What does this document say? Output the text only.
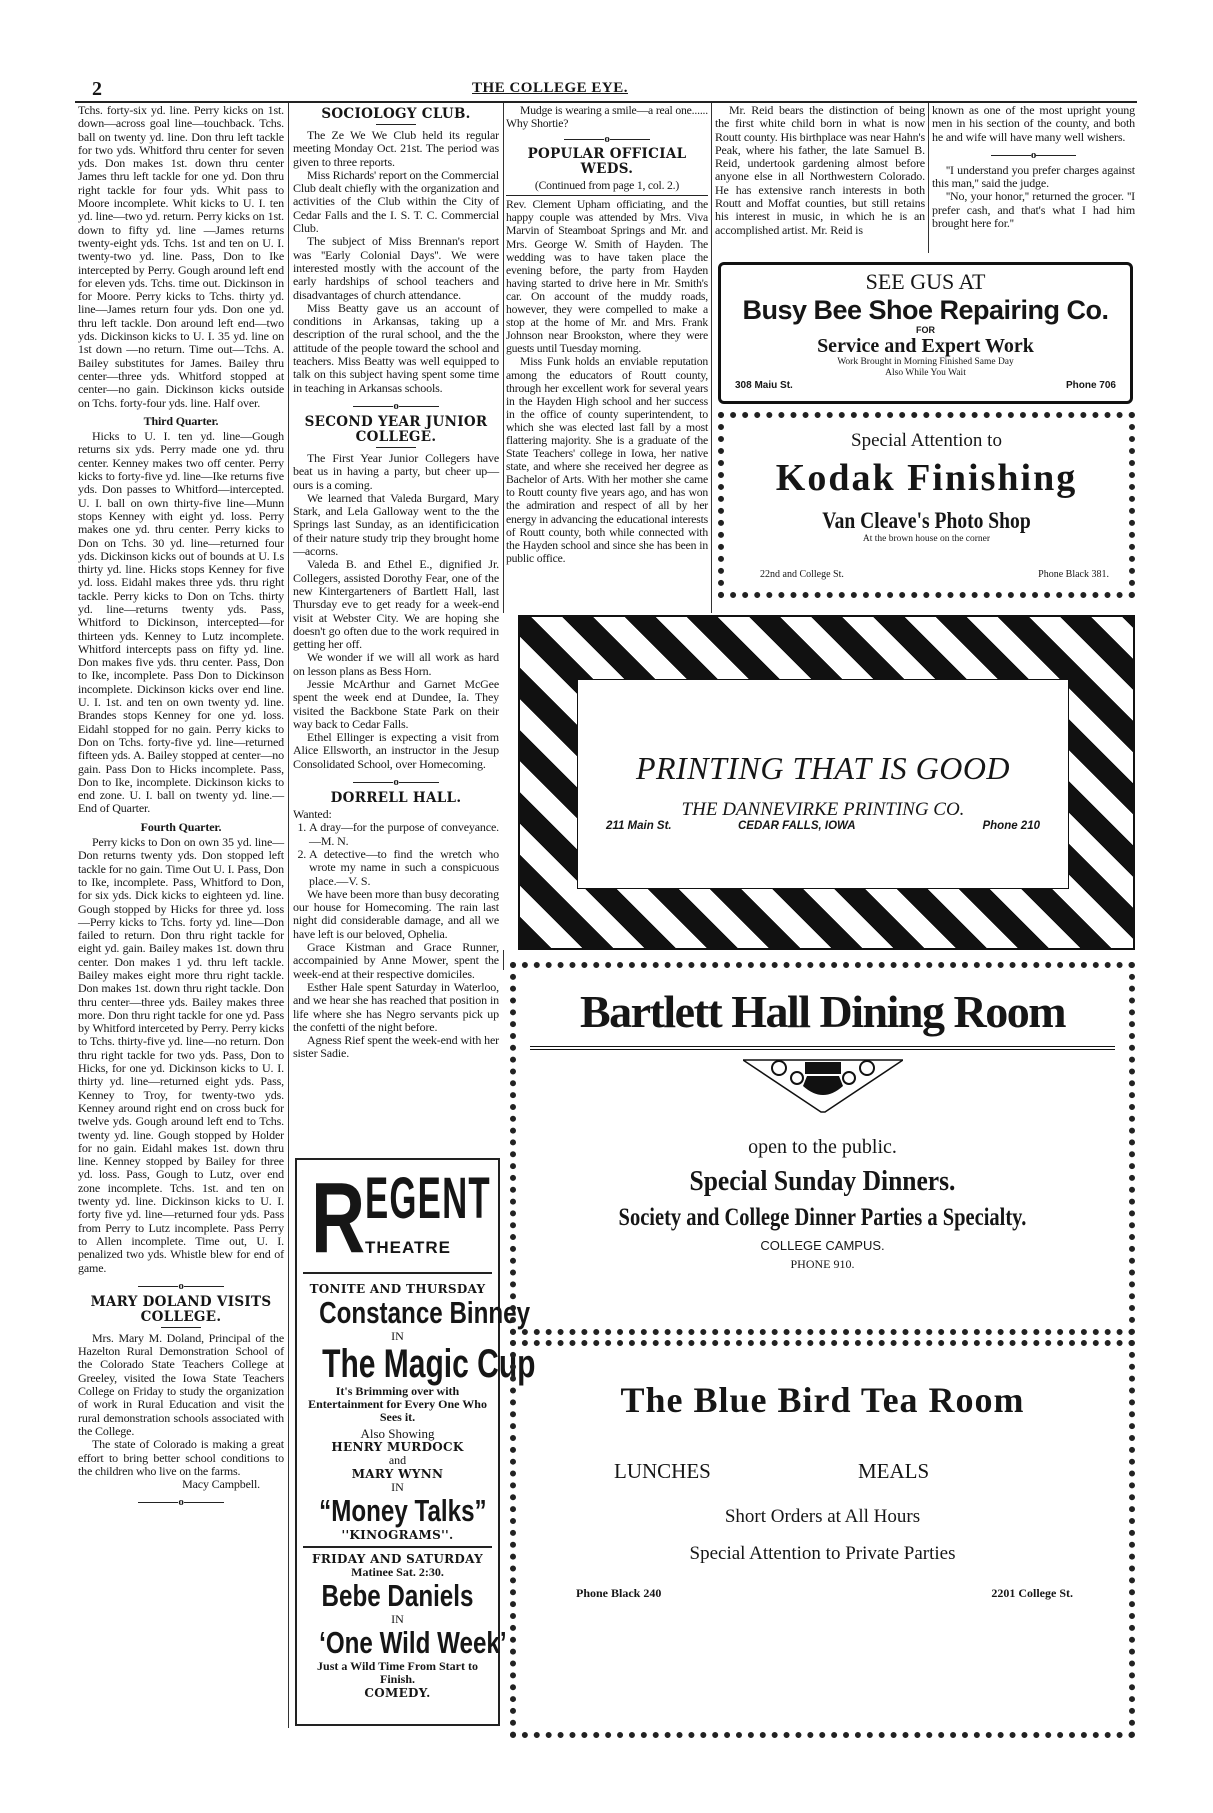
2	THE COLLEGE EYE.

Tchs. forty-six yd. line. Perry kicks on 1st. down—across goal line—touchback. Tchs. ball on twenty yd. line. Don thru left tackle for two yds. Whitford thru center for seven yds. Don makes 1st. down thru center James thru left tackle for one yd. Don thru right tackle for four yds. Whit pass to Moore incomplete. Whit kicks to U. I. ten yd. line—two yd. return. Perry kicks on 1st. down to fifty yd. line —James returns twenty-eight yds. Tchs. 1st and ten on U. I. twenty-two yd. line. Pass, Don to Ike intercepted by Perry. Gough around left end for eleven yds. Tchs. time out. Dickinson in for Moore. Perry kicks to Tchs. thirty yd. line—James return four yds. Don one yd. thru left tackle. Don around left end—two yds. Dickinson kicks to U. I. 35 yd. line on 1st down —no return. Time out—Tchs. A. Bailey substitutes for James. Bailey thru center—three yds. Whitford stopped at center—no gain. Dickinson kicks outside on Tchs. forty-four yds. line. Half over.

Third Quarter.

Hicks to U. I. ten yd. line—Gough returns six yds. Perry made one yd. thru center. Kenney makes two off center. Perry kicks to forty-five yd. line—Ike returns five yds. Don passes to Whitford—intercepted. U. I. ball on own thirty-five line—Munn stops Kenney with eight yd. loss. Perry makes one yd. thru center. Perry kicks to Don on Tchs. 30 yd. line—returned four yds. Dickinson kicks out of bounds at U. I.s thirty yd. line. Hicks stops Kenney for five yd. loss. Eidahl makes three yds. thru right tackle. Perry kicks to Don on Tchs. thirty yd. line—returns twenty yds. Pass, Whitford to Dickinson, intercepted—for thirteen yds. Kenney to Lutz incomplete. Whitford intercepts pass on fifty yd. line. Don makes five yds. thru center. Pass, Don to Ike, incomplete. Pass Don to Dickinson incomplete. Dickinson kicks over end line. U. I. 1st. and ten on own twenty yd. line. Brandes stops Kenney for one yd. loss. Eidahl stopped for no gain. Perry kicks to Don on Tchs. forty-five yd. line—returned fifteen yds. A. Bailey stopped at center—no gain. Pass Don to Hicks incomplete. Pass, Don to Ike, incomplete. Dickinson kicks to end zone. U. I. ball on twenty yd. line.—End of Quarter.

Fourth Quarter.

Perry kicks to Don on own 35 yd. line—Don returns twenty yds. Don stopped left tackle for no gain. Time Out U. I. Pass, Don to Ike, incomplete. Pass, Whitford to Don, for six yds. Dick kicks to eighteen yd. line. Gough stopped by Hicks for three yd. loss—Perry kicks to Tchs. forty yd. line—Don failed to return. Don thru right tackle for eight yd. gain. Bailey makes 1st. down thru center. Don makes 1 yd. thru left tackle. Bailey makes eight more thru right tackle. Don makes 1st. down thru right tackle. Don thru center—three yds. Bailey makes three more. Don thru right tackle for one yd. Pass by Whitford interceted by Perry. Perry kicks to Tchs. thirty-five yd. line—no return. Don thru right tackle for two yds. Pass, Don to Hicks, for one yd. Dickinson kicks to U. I. thirty yd. line—returned eight yds. Pass, Kenney to Troy, for twenty-two yds. Kenney around right end on cross buck for twelve yds. Gough around left end to Tchs. twenty yd. line. Gough stopped by Holder for no gain. Eidahl makes 1st. down thru line. Kenney stopped by Bailey for three yd. loss. Pass, Gough to Lutz, over end zone incomplete. Tchs. 1st. and ten on twenty yd. line. Dickinson kicks to U. I. forty five yd. line—returned four yds. Pass from Perry to Lutz incomplete. Pass Perry to Allen incomplete. Time out, U. I. penalized two yds. Whistle blew for end of game.

o
MARY DOLAND VISITS COLLEGE.

Mrs. Mary M. Doland, Principal of the Hazelton Rural Demonstration School of the Colorado State Teachers College at Greeley, visited the Iowa State Teachers College on Friday to study the organization of work in Rural Education and visit the rural demonstration schools associated with the College.

The state of Colorado is making a great effort to bring better school conditions to the children who live on the farms.

Macy Campbell.

o
SOCIOLOGY CLUB.

The Ze We We Club held its regular meeting Monday Oct. 21st. The period was given to three reports.

Miss Richards' report on the Commercial Club dealt chiefly with the organization and activities of the Club within the City of Cedar Falls and the I. S. T. C. Commercial Club.

The subject of Miss Brennan's report was ''Early Colonial Days''. We were interested mostly with the account of the early hardships of school teachers and disadvantages of church attendance.

Miss Beatty gave us an account of conditions in Arkansas, taking up a description of the rural school, and the the attitude of the people toward the school and teachers. Miss Beatty was well equipped to talk on this subject having spent some time in teaching in Arkansas schools.

o
SECOND YEAR JUNIOR COLLEGE.

The First Year Junior Collegers have beat us in having a party, but cheer up—ours is a coming.

We learned that Valeda Burgard, Mary Stark, and Lela Galloway went to the the Springs last Sunday, as an identificication of their nature study trip they brought home—acorns.

Valeda B. and Ethel E., dignified Jr. Collegers, assisted Dorothy Fear, one of the new Kintergarteners of Bartlett Hall, last Thursday eve to get ready for a week-end visit at Webster City. We are hoping she doesn't go often due to the work required in getting her off.

We wonder if we will all work as hard on lesson plans as Bess Horn.

Jessie McArthur and Garnet McGee spent the week end at Dundee, Ia. They visited the Backbone State Park on their way back to Cedar Falls.

Ethel Ellinger is expecting a visit from Alice Ellsworth, an instructor in the Jesup Consolidated School, over Homecoming.

o
DORRELL HALL.

Wanted:

1. A dray—for the purpose of conveyance.—M. N.
2. A detective—to find the wretch who wrote my name in such a conspicuous place.—V. S.

We have been more than busy decorating our house for Homecoming. The rain last night did considerable damage, and all we have left is our beloved, Ophelia.

Grace Kistman and Grace Runner, accompainied by Anne Mower, spent the week-end at their respective domiciles.

Esther Hale spent Saturday in Waterloo, and we hear she has reached that position in life where she has Negro servants pick up the confetti of the night before.

Agness Rief spent the week-end with her sister Sadie.

R EGENT
THEATRE
TONITE AND THURSDAY
Constance Binney
IN
The Magic Cup
It's Brimming over with Entertainment for Every One Who Sees it.
Also Showing
HENRY MURDOCK
and
MARY WYNN
IN
“Money Talks”
''KINOGRAMS''.
FRIDAY AND SATURDAY
Matinee Sat. 2:30.
Bebe Daniels
IN
‘One Wild Week’
Just a Wild Time From Start to Finish.
COMEDY.

Mudge is wearing a smile—a real one...... Why Shortie?

o
POPULAR OFFICIAL WEDS.

(Continued from page 1, col. 2.)

Rev. Clement Upham officiating, and the happy couple was attended by Mrs. Viva Marvin of Steamboat Springs and Mr. and Mrs. George W. Smith of Hayden. The wedding was to have taken place the evening before, the party from Hayden having started to drive here in Mr. Smith's car. On account of the muddy roads, however, they were compelled to make a stop at the home of Mr. and Mrs. Frank Johnson near Brookston, where they were guests until Tuesday morning.

Miss Funk holds an enviable reputation among the educators of Routt county, through her excellent work for several years in the Hayden High school and her success in the office of county superintendent, to which she was elected last fall by a most flattering majority. She is a graduate of the State Teachers' college in Iowa, her native state, and where she received her degree as Bachelor of Arts. With her mother she came to Routt county five years ago, and has won the admiration and respect of all by her energy in advancing the educational interests of Routt county, both while connected with the Hayden school and since she has been in public office.

Mr. Reid bears the distinction of being the first white child born in what is now Routt county. His birthplace was near Hahn's Peak, where his father, the late Samuel B. Reid, undertook gardening almost before anyone else in all Northwestern Colorado. He has extensive ranch interests in both Routt and Moffat counties, but still retains his interest in music, in which he is an accomplished artist. Mr. Reid is

known as one of the most upright young men in his section of the county, and both he and wife will have many well wishers.

o

''I understand you prefer charges against this man,'' said the judge.

''No, your honor,'' returned the grocer. ''I prefer cash, and that's what I had him brought here for.''

SEE GUS AT
Busy Bee Shoe Repairing Co.
FOR
Service and Expert Work
Work Brought in Morning Finished Same Day
Also While You Wait
308 Maiu St.	Phone 706
Special Attention to
Kodak Finishing
Van Cleave's Photo Shop
At the brown house on the corner
22nd and College St.	Phone Black 381.
PRINTING THAT IS GOOD
THE DANNEVIRKE PRINTING CO.
211 Main St.	CEDAR FALLS, IOWA	Phone 210
Bartlett Hall Dining Room
open to the public.
Special Sunday Dinners.
Society and College Dinner Parties a Specialty.
COLLEGE CAMPUS.
PHONE 910.
The Blue Bird Tea Room
LUNCHES	MEALS
Short Orders at All Hours
Special Attention to Private Parties
Phone Black 240	2201 College St.
